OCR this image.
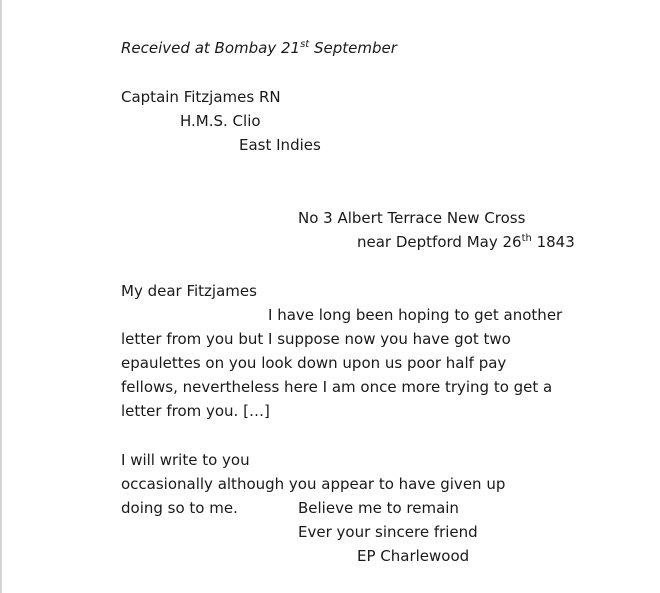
Received at Bombay 21st September
Captain Fitzjames RN
H.M.S. Clio
East Indies
No 3 Albert Terrace New Cross
near Deptford May 26th 1843
My dear Fitzjames
I have long been hoping to get another
letter from you but I suppose now you have got two
epaulettes on you look down upon us poor half pay
fellows, nevertheless here I am once more trying to get a
letter from you. […]
I will write to you
occasionally although you appear to have given up
doing so to me.	Believe me to remain
Ever your sincere friend
EP Charlewood
